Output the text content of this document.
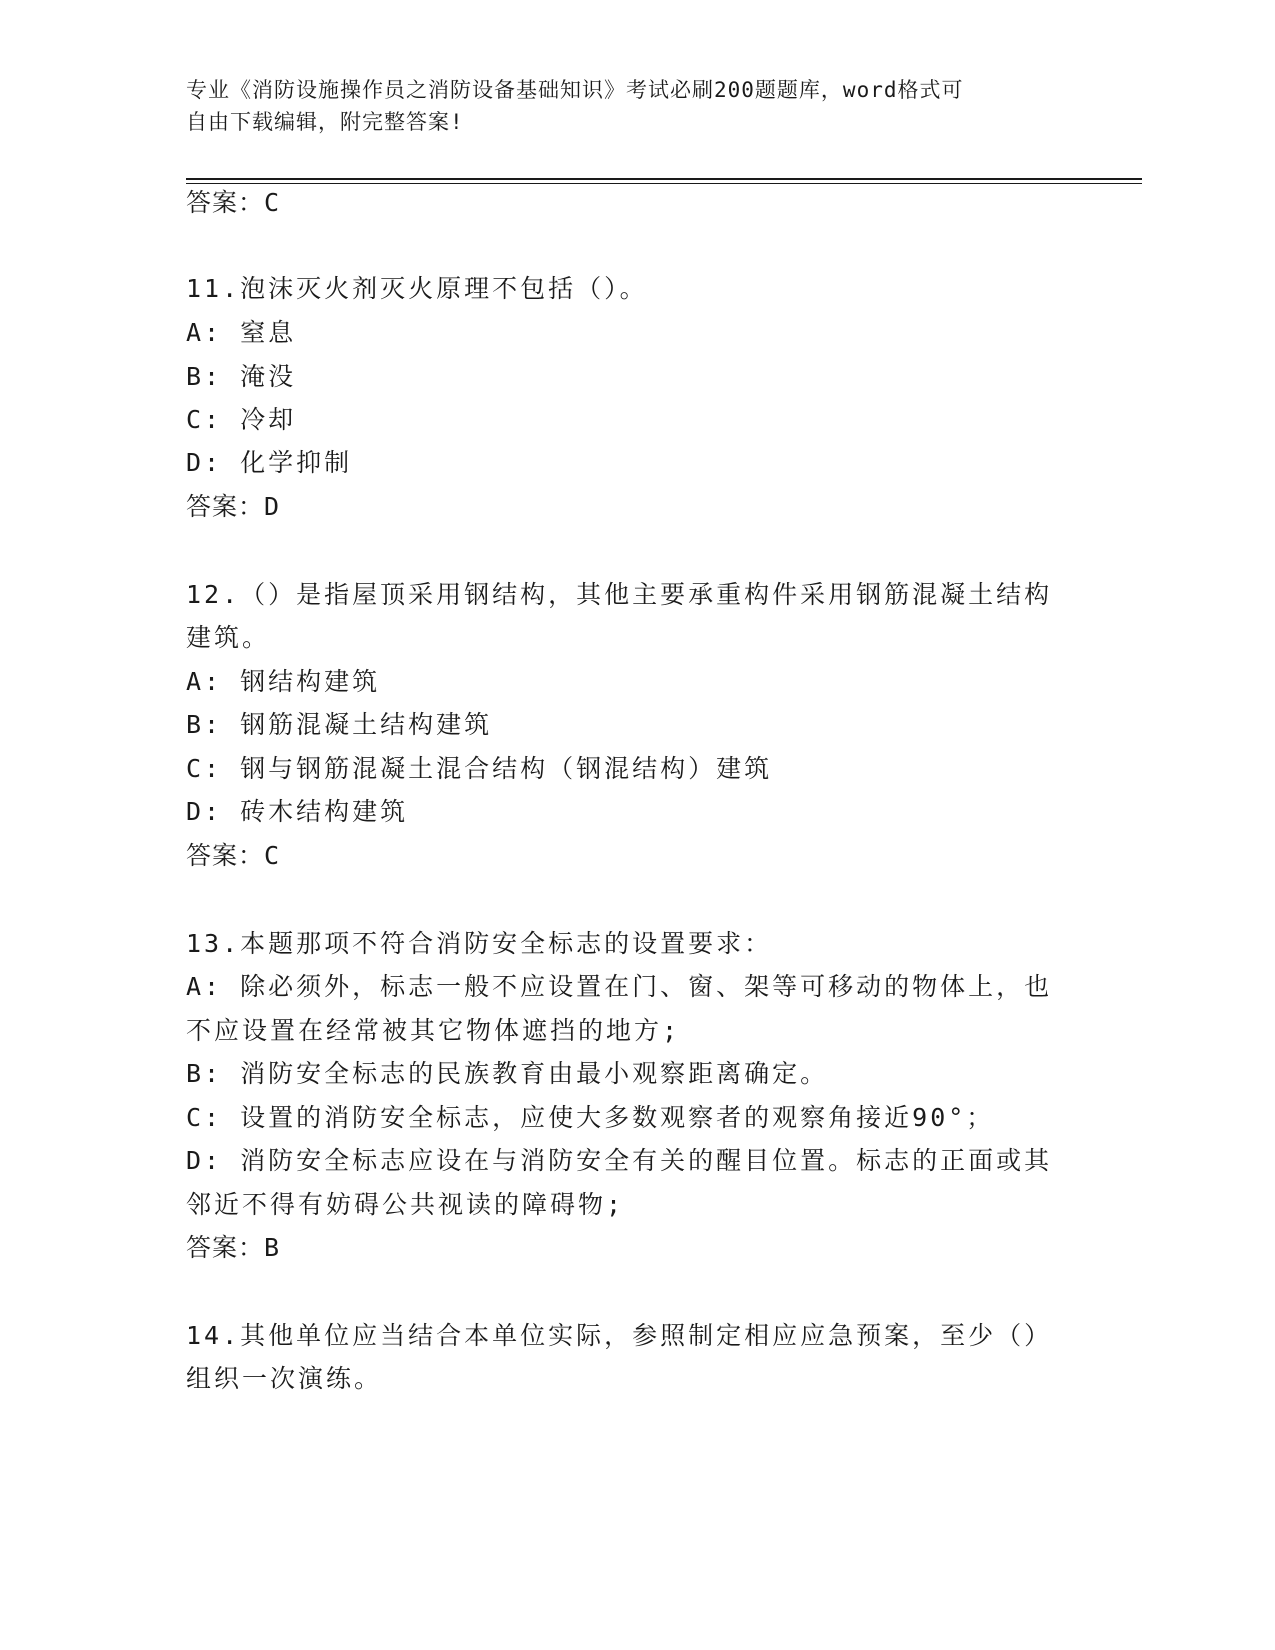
专业《消防设施操作员之消防设备基础知识》考试必刷200题题库，word格式可
自由下载编辑，附完整答案!
答案：C
11.泡沫灭火剂灭火原理不包括（）。
A: 窒息
B: 淹没
C: 冷却
D: 化学抑制
答案：D
12.（）是指屋顶采用钢结构，其他主要承重构件采用钢筋混凝土结构
建筑。
A: 钢结构建筑
B: 钢筋混凝土结构建筑
C: 钢与钢筋混凝土混合结构（钢混结构）建筑
D: 砖木结构建筑
答案：C
13.本题那项不符合消防安全标志的设置要求：
A: 除必须外，标志一般不应设置在门、窗、架等可移动的物体上，也
不应设置在经常被其它物体遮挡的地方;
B: 消防安全标志的民族教育由最小观察距离确定。
C: 设置的消防安全标志，应使大多数观察者的观察角接近90°；
D: 消防安全标志应设在与消防安全有关的醒目位置。标志的正面或其
邻近不得有妨碍公共视读的障碍物;
答案：B
14.其他单位应当结合本单位实际，参照制定相应应急预案，至少（）
组织一次演练。
